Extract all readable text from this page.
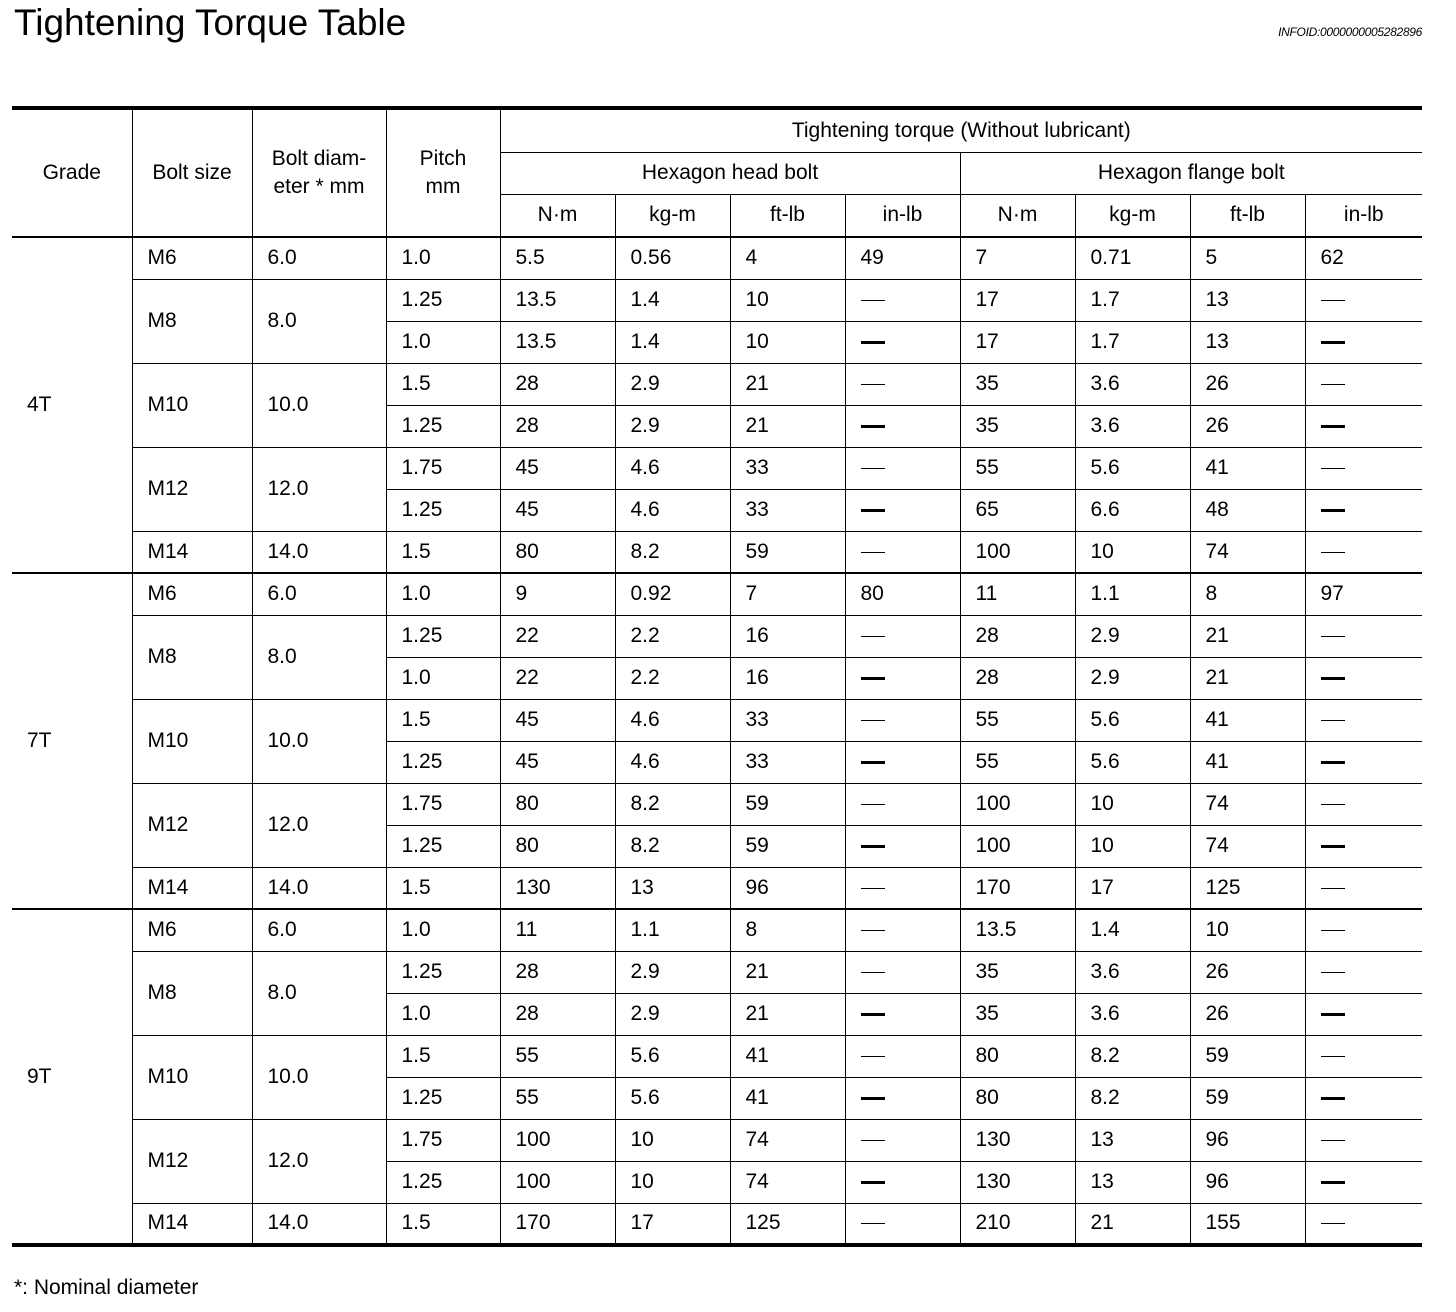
Tightening Torque Table	INFOID:0000000005282896
Grade	Bolt size	Bolt diam- eter * mm	Pitch mm	Tightening torque (Without lubricant)							
				Hexagon head bolt				Hexagon flange bolt			
				N·m	kg-m	ft-lb	in-lb	N·m	kg-m	ft-lb	in-lb
4T	M6	6.0	1.0	5.5	0.56	4	49	7	0.71	5	62
	M8	8.0	1.25	13.5	1.4	10		17	1.7	13	
			1.0	13.5	1.4	10		17	1.7	13	
	M10	10.0	1.5	28	2.9	21		35	3.6	26	
			1.25	28	2.9	21		35	3.6	26	
	M12	12.0	1.75	45	4.6	33		55	5.6	41	
			1.25	45	4.6	33		65	6.6	48	
	M14	14.0	1.5	80	8.2	59		100	10	74	
7T	M6	6.0	1.0	9	0.92	7	80	11	1.1	8	97
	M8	8.0	1.25	22	2.2	16		28	2.9	21	
			1.0	22	2.2	16		28	2.9	21	
	M10	10.0	1.5	45	4.6	33		55	5.6	41	
			1.25	45	4.6	33		55	5.6	41	
	M12	12.0	1.75	80	8.2	59		100	10	74	
			1.25	80	8.2	59		100	10	74	
	M14	14.0	1.5	130	13	96		170	17	125	
9T	M6	6.0	1.0	11	1.1	8		13.5	1.4	10	
	M8	8.0	1.25	28	2.9	21		35	3.6	26	
			1.0	28	2.9	21		35	3.6	26	
	M10	10.0	1.5	55	5.6	41		80	8.2	59	
			1.25	55	5.6	41		80	8.2	59	
	M12	12.0	1.75	100	10	74		130	13	96	
			1.25	100	10	74		130	13	96	
	M14	14.0	1.5	170	17	125		210	21	155	
*: Nominal diameter
